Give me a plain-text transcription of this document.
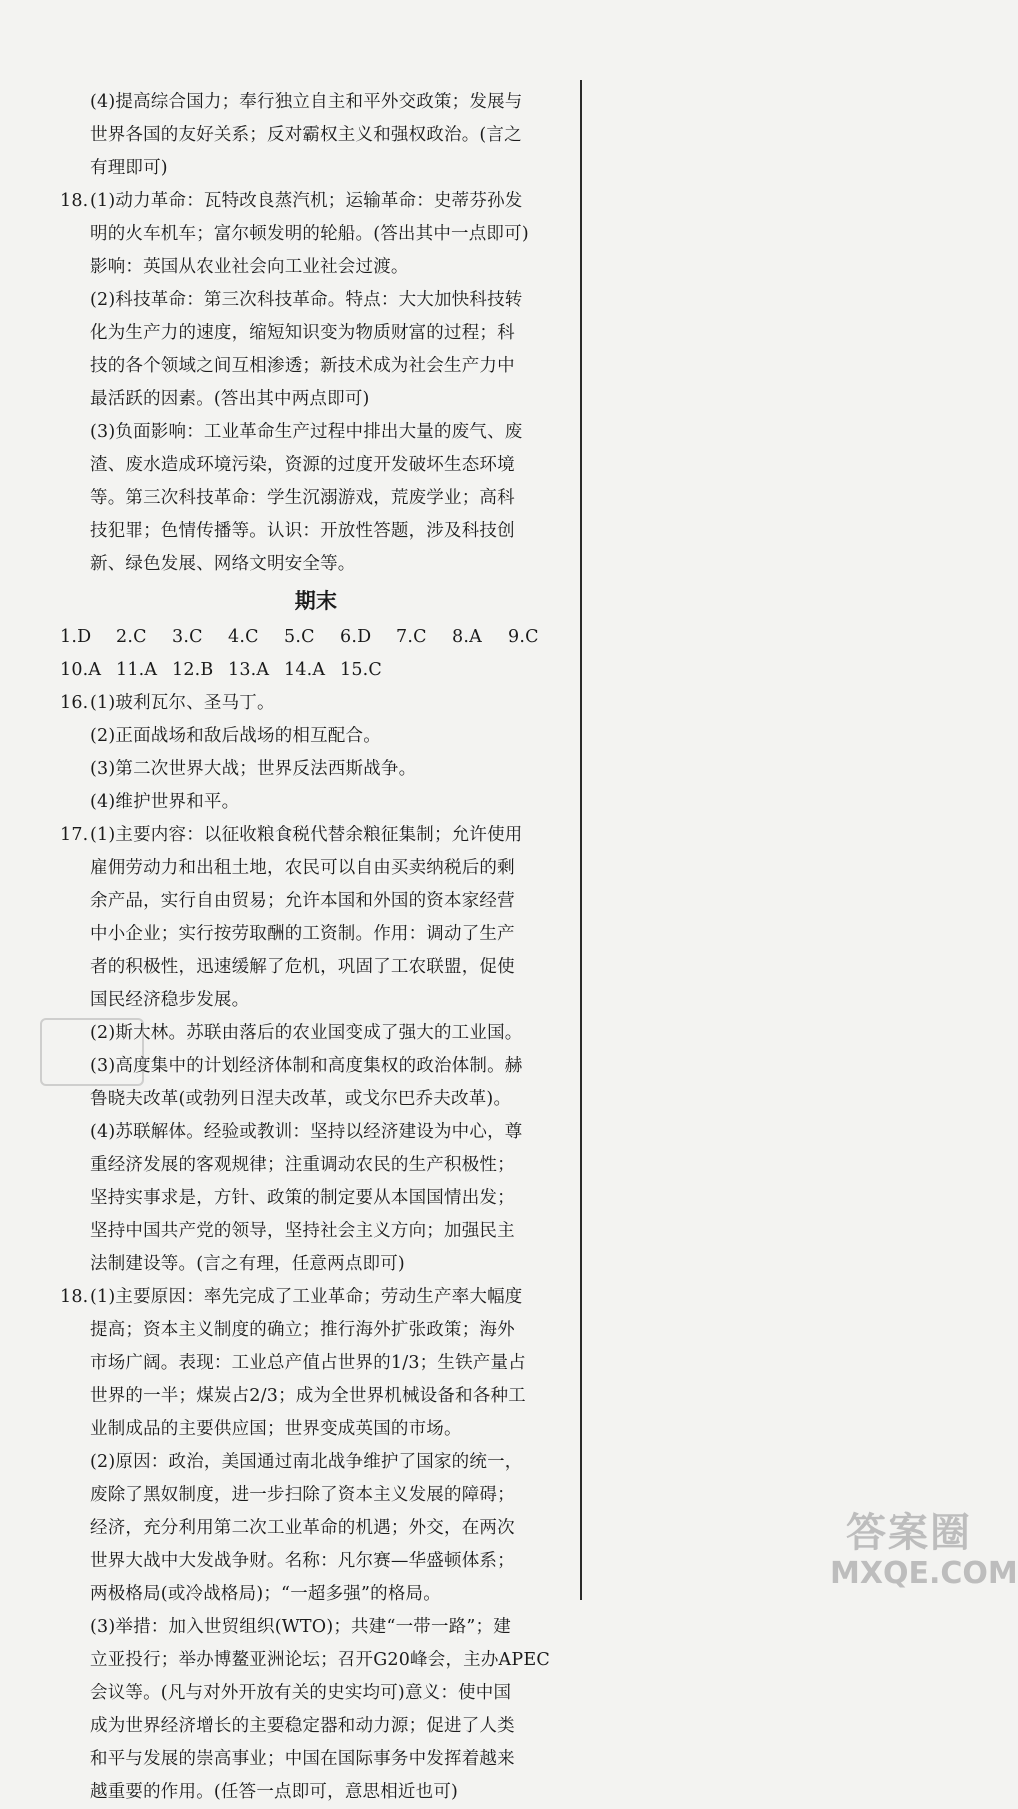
(4)提高综合国力；奉行独立自主和平外交政策；发展与
世界各国的友好关系；反对霸权主义和强权政治。(言之
有理即可)
18.(1)动力革命：瓦特改良蒸汽机；运输革命：史蒂芬孙发
明的火车机车；富尔顿发明的轮船。(答出其中一点即可)
影响：英国从农业社会向工业社会过渡。
(2)科技革命：第三次科技革命。特点：大大加快科技转
化为生产力的速度，缩短知识变为物质财富的过程；科
技的各个领域之间互相渗透；新技术成为社会生产力中
最活跃的因素。(答出其中两点即可)
(3)负面影响：工业革命生产过程中排出大量的废气、废
渣、废水造成环境污染，资源的过度开发破坏生态环境
等。第三次科技革命：学生沉溺游戏，荒废学业；高科
技犯罪；色情传播等。认识：开放性答题，涉及科技创
新、绿色发展、网络文明安全等。
期末
1.D 2.C 3.C 4.C 5.C 6.D 7.C 8.A 9.C
10.A 11.A 12.B 13.A 14.A 15.C
16.(1)玻利瓦尔、圣马丁。
(2)正面战场和敌后战场的相互配合。
(3)第二次世界大战；世界反法西斯战争。
(4)维护世界和平。
17.(1)主要内容：以征收粮食税代替余粮征集制；允许使用
雇佣劳动力和出租土地，农民可以自由买卖纳税后的剩
余产品，实行自由贸易；允许本国和外国的资本家经营
中小企业；实行按劳取酬的工资制。作用：调动了生产
者的积极性，迅速缓解了危机，巩固了工农联盟，促使
国民经济稳步发展。
(2)斯大林。苏联由落后的农业国变成了强大的工业国。
(3)高度集中的计划经济体制和高度集权的政治体制。赫
鲁晓夫改革(或勃列日涅夫改革，或戈尔巴乔夫改革)。
(4)苏联解体。经验或教训：坚持以经济建设为中心，尊
重经济发展的客观规律；注重调动农民的生产积极性；
坚持实事求是，方针、政策的制定要从本国国情出发；
坚持中国共产党的领导，坚持社会主义方向；加强民主
法制建设等。(言之有理，任意两点即可)
18.(1)主要原因：率先完成了工业革命；劳动生产率大幅度
提高；资本主义制度的确立；推行海外扩张政策；海外
市场广阔。表现：工业总产值占世界的1/3；生铁产量占
世界的一半；煤炭占2/3；成为全世界机械设备和各种工
业制成品的主要供应国；世界变成英国的市场。
(2)原因：政治，美国通过南北战争维护了国家的统一，
废除了黑奴制度，进一步扫除了资本主义发展的障碍；
经济，充分利用第二次工业革命的机遇；外交，在两次
世界大战中大发战争财。名称：凡尔赛—华盛顿体系；
两极格局(或冷战格局)；“一超多强”的格局。
(3)举措：加入世贸组织(WTO)；共建“一带一路”；建
立亚投行；举办博鳌亚洲论坛；召开G20峰会，主办APEC
会议等。(凡与对外开放有关的史实均可)意义：使中国
成为世界经济增长的主要稳定器和动力源；促进了人类
和平与发展的崇高事业；中国在国际事务中发挥着越来
越重要的作用。(任答一点即可，意思相近也可)
答案圈
MXQE.COM
